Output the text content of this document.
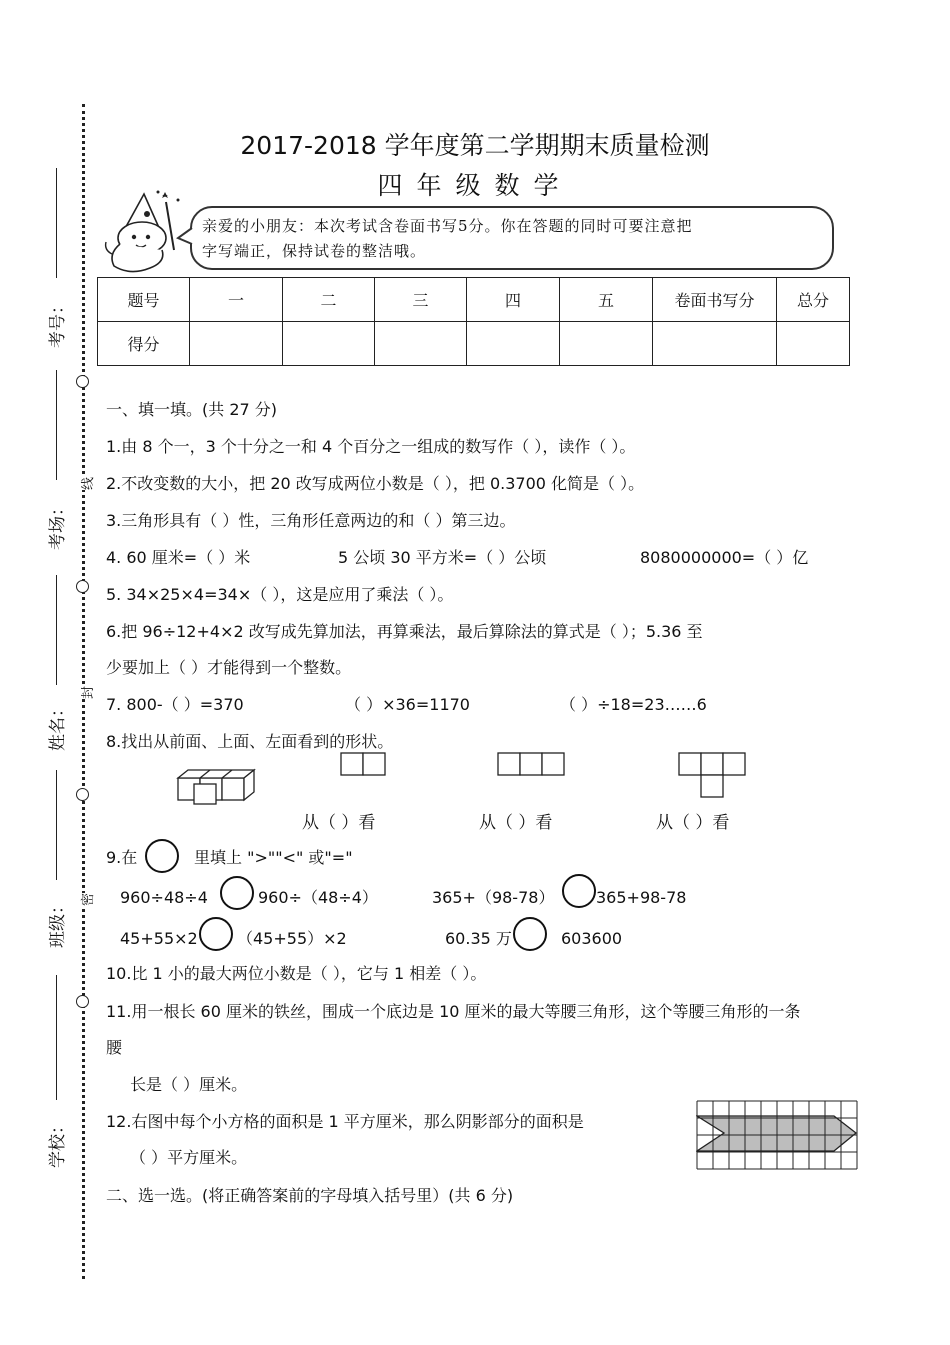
考号：
考场：
姓名：
班级：
学校：
线
封
密
2017-2018 学年度第二学期期末质量检测
四年级数学
亲爱的小朋友：本次考试含卷面书写5分。你在答题的同时可要注意把
字写端正，保持试卷的整洁哦。
题号	一	二	三	四	五	卷面书写分	总分
得分							
一、填一填。(共 27 分)
1.由 8 个一，3 个十分之一和 4 个百分之一组成的数写作（ ），读作（ ）。
2.不改变数的大小，把 20 改写成两位小数是（ ），把 0.3700 化简是（ ）。
3.三角形具有（ ）性，三角形任意两边的和（ ）第三边。
4. 60 厘米=（ ）米	5 公顷 30 平方米=（ ）公顷	8080000000=（ ）亿
5. 34×25×4=34×（ ），这是应用了乘法（ ）。
6.把 96÷12+4×2 改写成先算加法，再算乘法，最后算除法的算式是（ ）；5.36 至
少要加上（ ）才能得到一个整数。
7. 800-（ ）=370	（ ）×36=1170	（ ）÷18=23……6
8.找出从前面、上面、左面看到的形状。
从（ ）看	从（ ）看	从（ ）看
9.在	里填上 ">""<" 或"="
960÷48÷4	960÷（48÷4）	365+（98-78）	365+98-78
45+55×2 （45+55）×2	60.35 万	603600
10.比 1 小的最大两位小数是（ ），它与 1 相差（ ）。
11.用一根长 60 厘米的铁丝，围成一个底边是 10 厘米的最大等腰三角形，这个等腰三角形的一条
腰
长是（ ）厘米。
12.右图中每个小方格的面积是 1 平方厘米，那么阴影部分的面积是
（ ）平方厘米。
二、选一选。(将正确答案前的字母填入括号里）(共 6 分)
